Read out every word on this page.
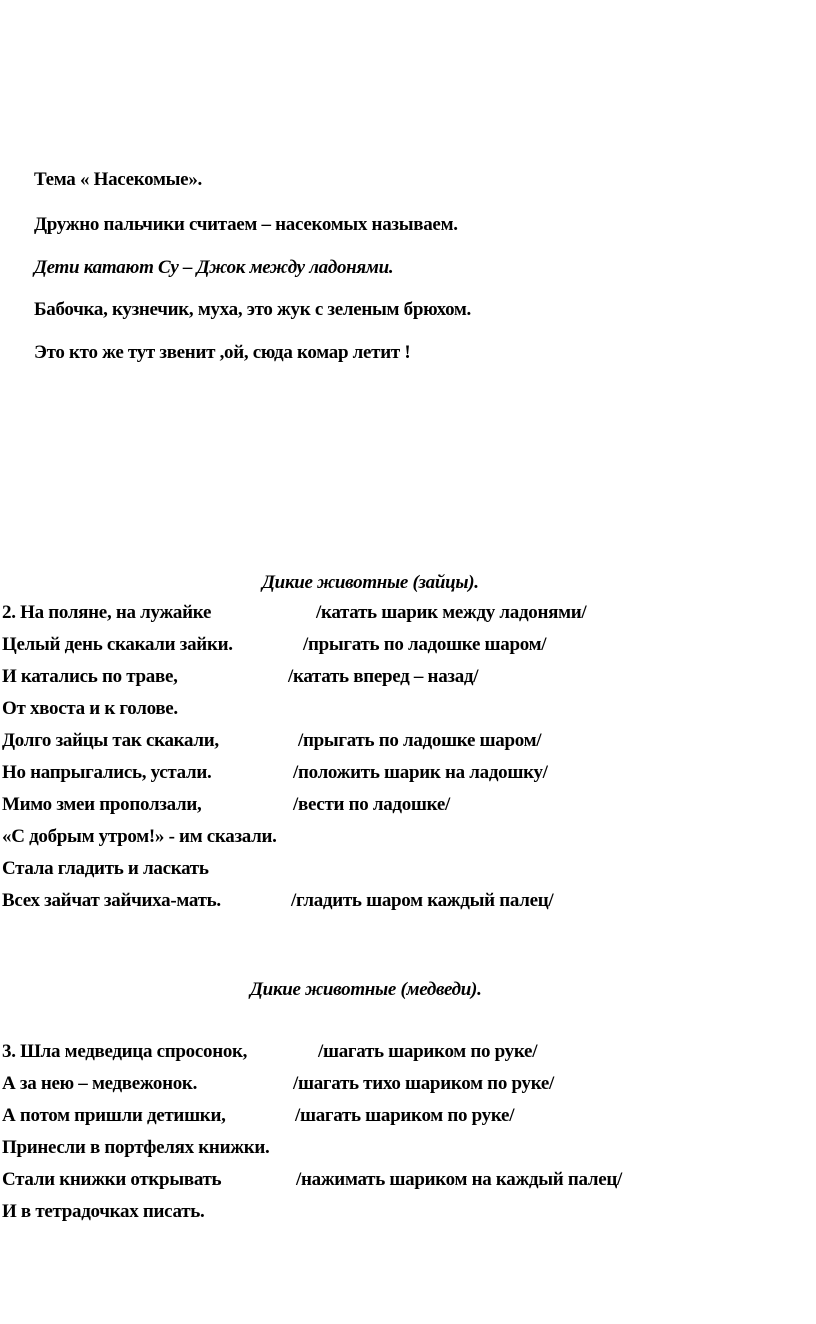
Тема « Насекомые».
Дружно пальчики считаем – насекомых называем.
Дети катают Су – Джок между ладонями.
Бабочка, кузнечик, муха, это жук с зеленым брюхом.
Это кто же тут звенит ,ой, сюда комар летит !
Дикие животные (зайцы).
2. На поляне, на лужайке	/катать шарик между ладонями/
Целый день скакали зайки.	/прыгать по ладошке шаром/
И катались по траве,	/катать вперед – назад/
От хвоста и к голове.
Долго зайцы так скакали,	/прыгать по ладошке шаром/
Но напрыгались, устали.	/положить шарик на ладошку/
Мимо змеи проползали,	/вести по ладошке/
«С добрым утром!» - им сказали.
Стала гладить и ласкать
Всех зайчат зайчиха-мать.	/гладить шаром каждый палец/
Дикие животные (медведи).
3. Шла медведица спросонок,	/шагать шариком по руке/
А за нею – медвежонок.	/шагать тихо шариком по руке/
А потом пришли детишки,	/шагать шариком по руке/
Принесли в портфелях книжки.
Стали книжки открывать	/нажимать шариком на каждый палец/
И в тетрадочках писать.
